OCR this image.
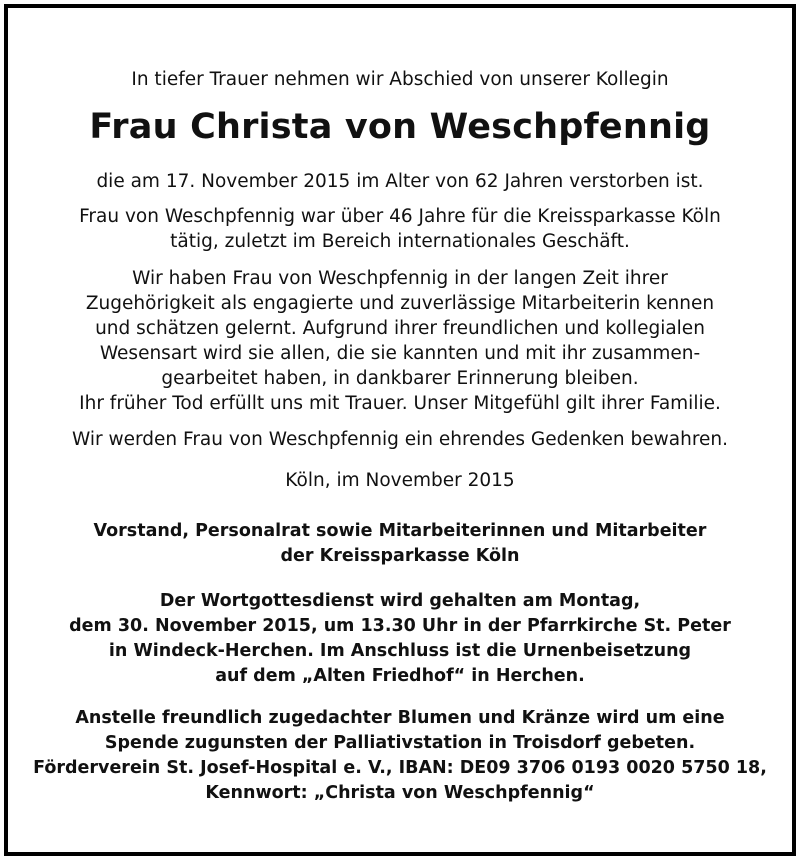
In tiefer Trauer nehmen wir Abschied von unserer Kollegin
Frau Christa von Weschpfennig
die am 17. November 2015 im Alter von 62 Jahren verstorben ist.
Frau von Weschpfennig war über 46 Jahre für die Kreissparkasse Köln
tätig, zuletzt im Bereich internationales Geschäft.
Wir haben Frau von Weschpfennig in der langen Zeit ihrer
Zugehörigkeit als engagierte und zuverlässige Mitarbeiterin kennen
und schätzen gelernt. Aufgrund ihrer freundlichen und kollegialen
Wesensart wird sie allen, die sie kannten und mit ihr zusammen-
gearbeitet haben, in dankbarer Erinnerung bleiben.
Ihr früher Tod erfüllt uns mit Trauer. Unser Mitgefühl gilt ihrer Familie.
Wir werden Frau von Weschpfennig ein ehrendes Gedenken bewahren.
Köln, im November 2015
Vorstand, Personalrat sowie Mitarbeiterinnen und Mitarbeiter
der Kreissparkasse Köln
Der Wortgottesdienst wird gehalten am Montag,
dem 30. November 2015, um 13.30 Uhr in der Pfarrkirche St. Peter
in Windeck-Herchen. Im Anschluss ist die Urnenbeisetzung
auf dem „Alten Friedhof“ in Herchen.
Anstelle freundlich zugedachter Blumen und Kränze wird um eine
Spende zugunsten der Palliativstation in Troisdorf gebeten.
Förderverein St. Josef-Hospital e. V., IBAN: DE09 3706 0193 0020 5750 18,
Kennwort: „Christa von Weschpfennig“
